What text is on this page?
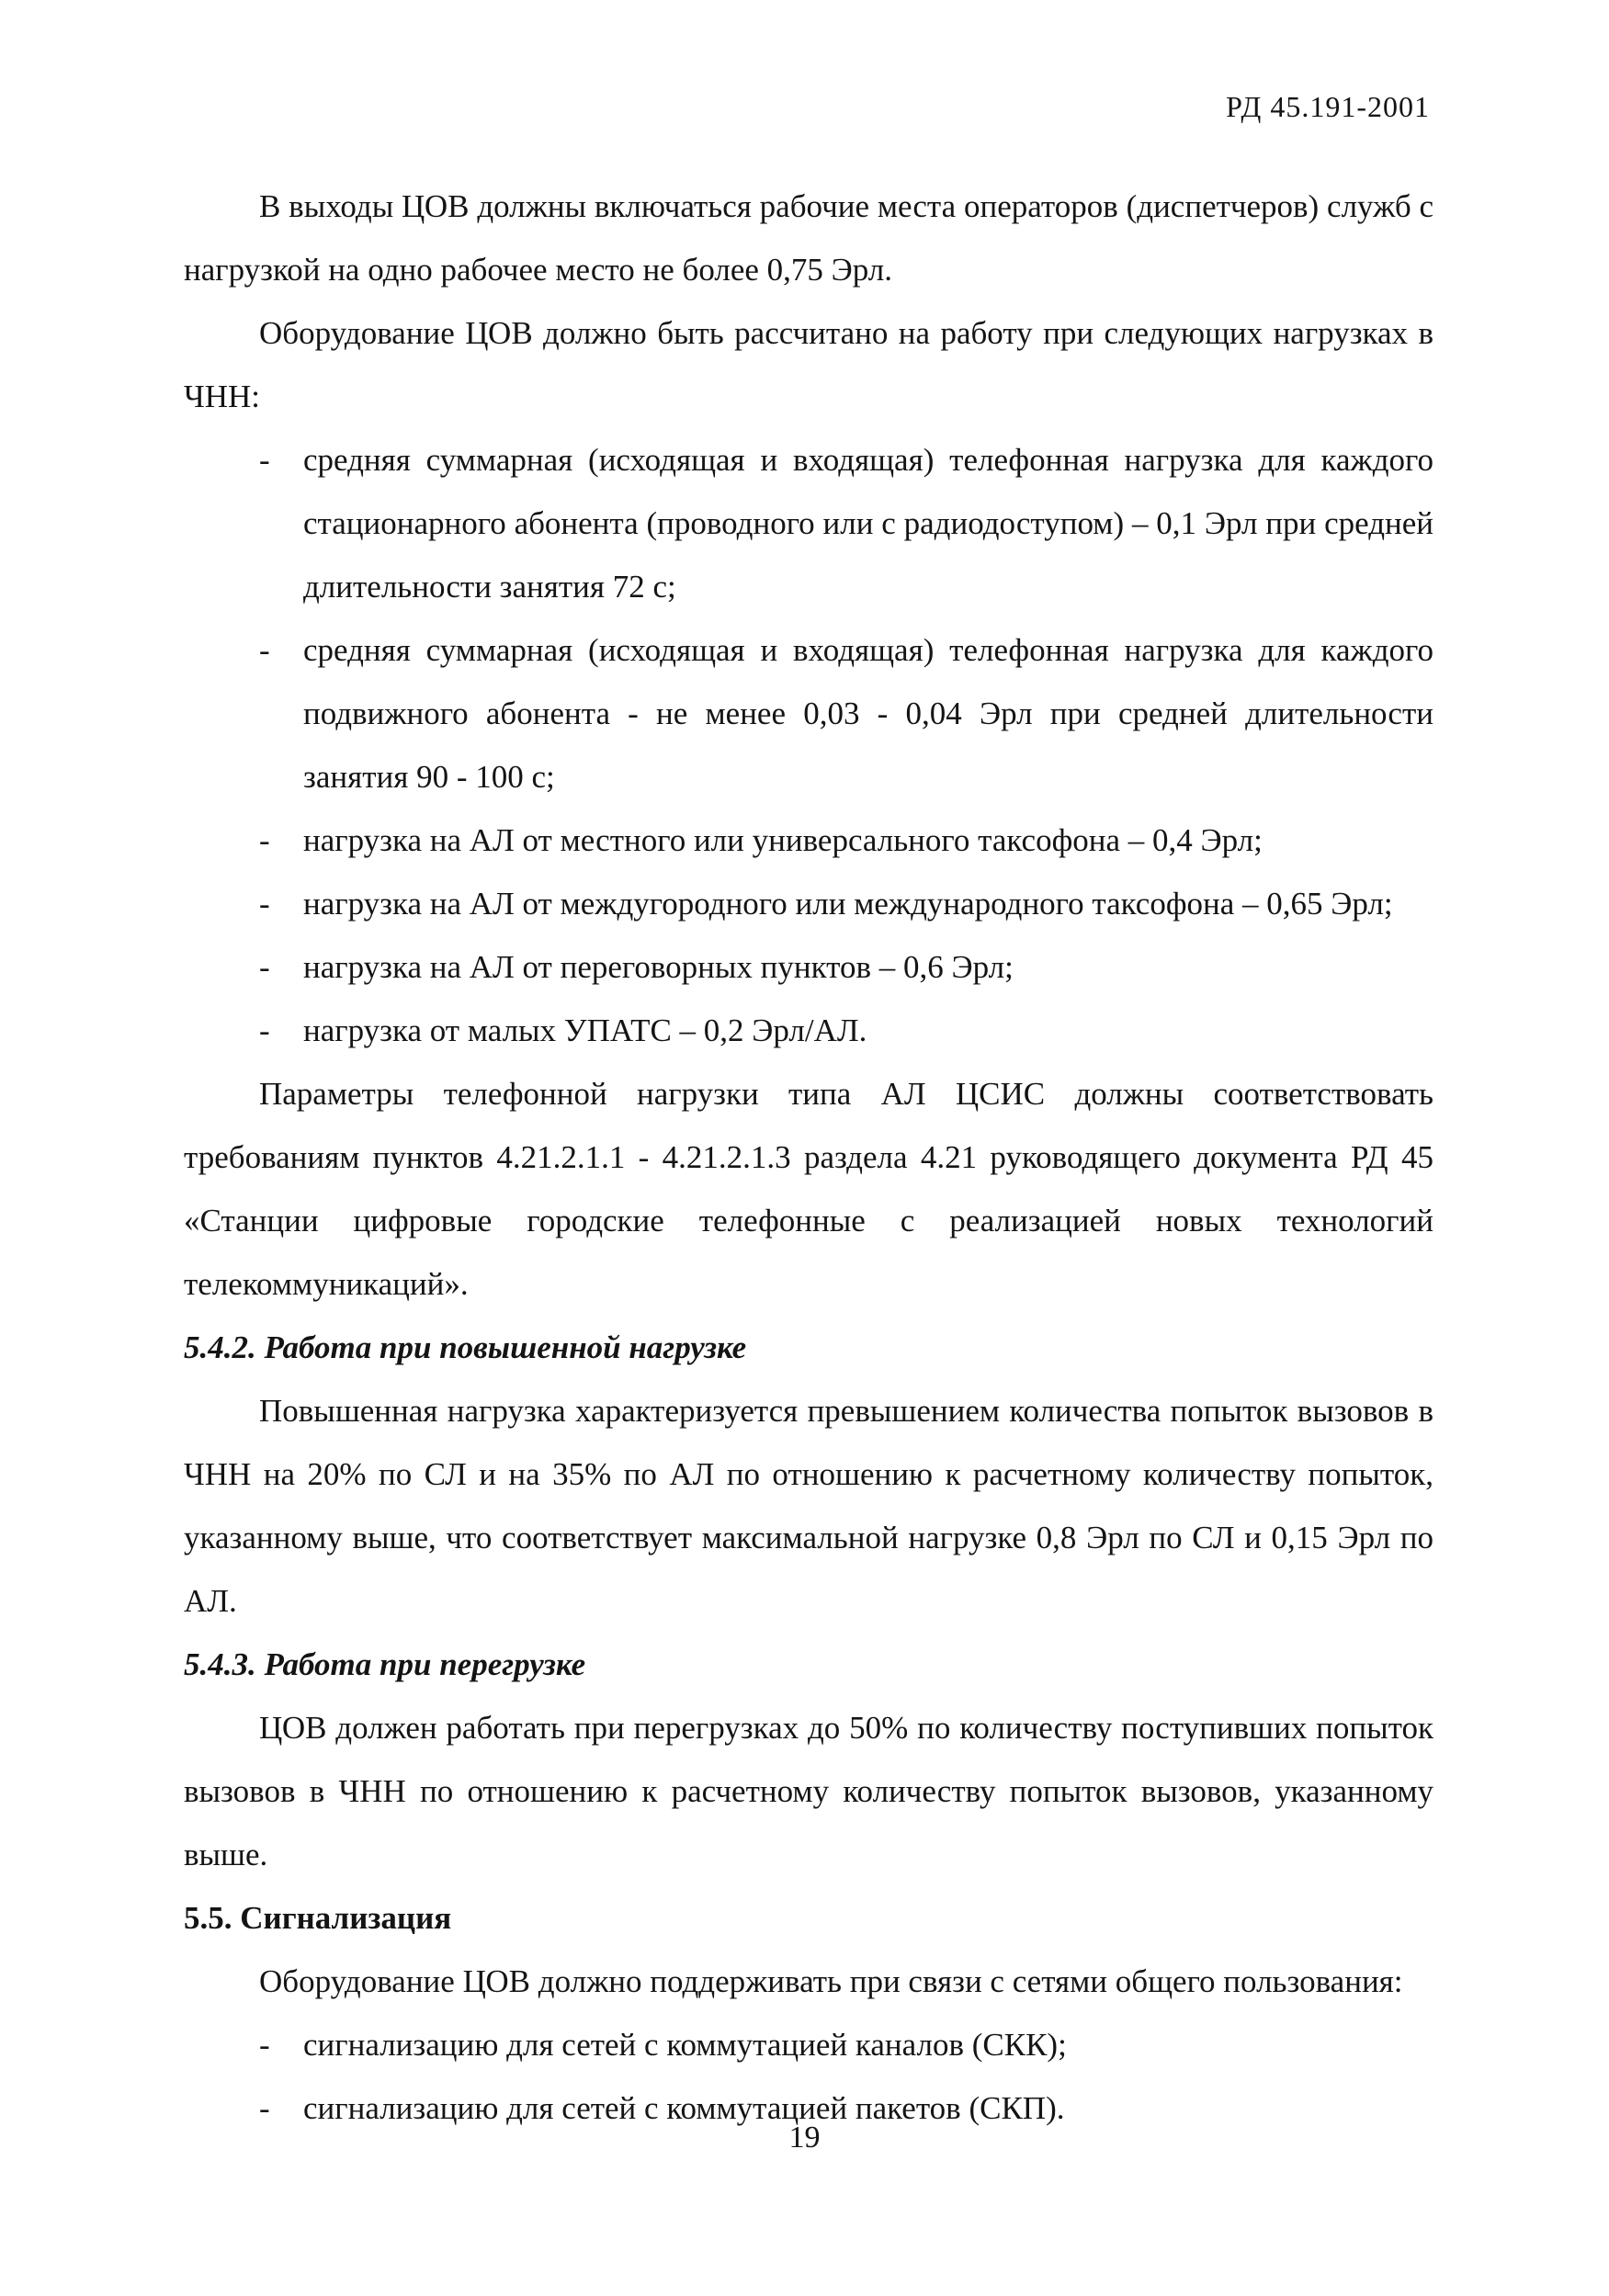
РД 45.191-2001

В выходы ЦОВ должны включаться рабочие места операторов (диспетчеров) служб с нагрузкой на одно рабочее место не более 0,75 Эрл.

Оборудование ЦОВ должно быть рассчитано на работу при следующих нагрузках в ЧНН:

- средняя суммарная (исходящая и входящая) телефонная нагрузка для каждого стационарного абонента (проводного или с радиодоступом) – 0,1 Эрл при средней длительности занятия 72 с;
- средняя суммарная (исходящая и входящая) телефонная нагрузка для каждого подвижного абонента - не менее 0,03 - 0,04 Эрл при средней длительности занятия 90 - 100 с;
- нагрузка на АЛ от местного или универсального таксофона – 0,4 Эрл;
- нагрузка на АЛ от междугородного или международного таксофона – 0,65 Эрл;
- нагрузка на АЛ от переговорных пунктов – 0,6 Эрл;
- нагрузка от малых УПАТС – 0,2 Эрл/АЛ.

Параметры телефонной нагрузки типа АЛ ЦСИС должны соответствовать требованиям пунктов 4.21.2.1.1 - 4.21.2.1.3 раздела 4.21 руководящего документа РД 45 «Станции цифровые городские телефонные с реализацией новых технологий телекоммуникаций».

5.4.2. Работа при повышенной нагрузке

Повышенная нагрузка характеризуется превышением количества попыток вызовов в ЧНН на 20% по СЛ и на 35% по АЛ по отношению к расчетному количеству попыток, указанному выше, что соответствует максимальной нагрузке 0,8 Эрл по СЛ и 0,15 Эрл по АЛ.

5.4.3. Работа при перегрузке

ЦОВ должен работать при перегрузках до 50% по количеству поступивших попыток вызовов в ЧНН по отношению к расчетному количеству попыток вызовов, указанному выше.

5.5. Сигнализация

Оборудование ЦОВ должно поддерживать при связи с сетями общего пользования:

- сигнализацию для сетей с коммутацией каналов (СКК);
- сигнализацию для сетей с коммутацией пакетов (СКП).
19
